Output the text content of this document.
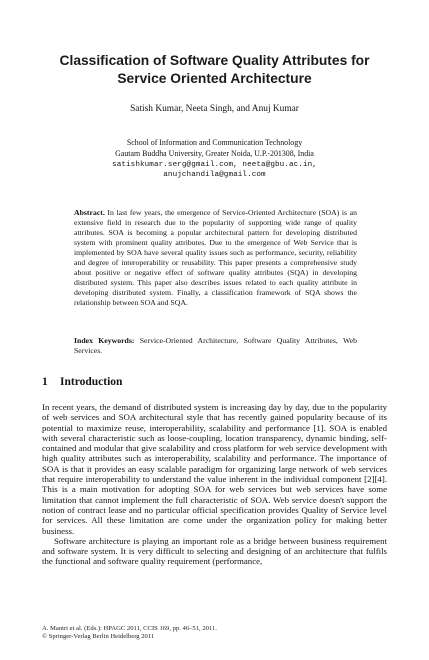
Classification of Software Quality Attributes for
Service Oriented Architecture
Satish Kumar, Neeta Singh, and Anuj Kumar
School of Information and Communication Technology
Gautam Buddha University, Greater Noida, U.P.-201308, India
satishkumar.serg@gmail.com, neeta@gbu.ac.in,
anujchandila@gmail.com
Abstract. In last few years, the emergence of Service-Oriented Architecture (SOA) is an extensive field in research due to the popularity of supporting wide range of quality attributes. SOA is becoming a popular architectural pattern for developing distributed system with prominent quality attributes. Due to the emergence of Web Service that is implemented by SOA have several quality issues such as performance, security, reliability and degree of interoperability or reusability. This paper presents a comprehensive study about positive or negative effect of software quality attributes (SQA) in developing distributed system. This paper also describes issues related to each quality attribute in developing distributed system. Finally, a classification framework of SQA shows the relationship between SOA and SQA.
Index Keywords: Service-Oriented Architecture, Software Quality Attributes, Web Services.
1 Introduction

In recent years, the demand of distributed system is increasing day by day, due to the popularity of web services and SOA architectural style that has recently gained popularity because of its potential to maximize reuse, interoperability, scalability and performance [1]. SOA is enabled with several characteristic such as loose-coupling, location transparency, dynamic binding, self-contained and modular that give scalability and cross platform for web service development with high quality attributes such as interoperability, scalability and performance. The importance of SOA is that it provides an easy scalable paradigm for organizing large network of web services that require interoperability to understand the value inherent in the individual component [2][4]. This is a main motivation for adopting SOA for web services but web services have some limitation that cannot implement the full characteristic of SOA. Web service doesn't support the notion of contract lease and no particular official specification provides Quality of Service level for services. All these limitation are come under the organization policy for making better business.

Software architecture is playing an important role as a bridge between business requirement and software system. It is very difficult to selecting and designing of an architecture that fulfils the functional and software quality requirement (performance,

A. Mantri et al. (Eds.): HPAGC 2011, CCIS 169, pp. 46–51, 2011.
© Springer-Verlag Berlin Heidelberg 2011
